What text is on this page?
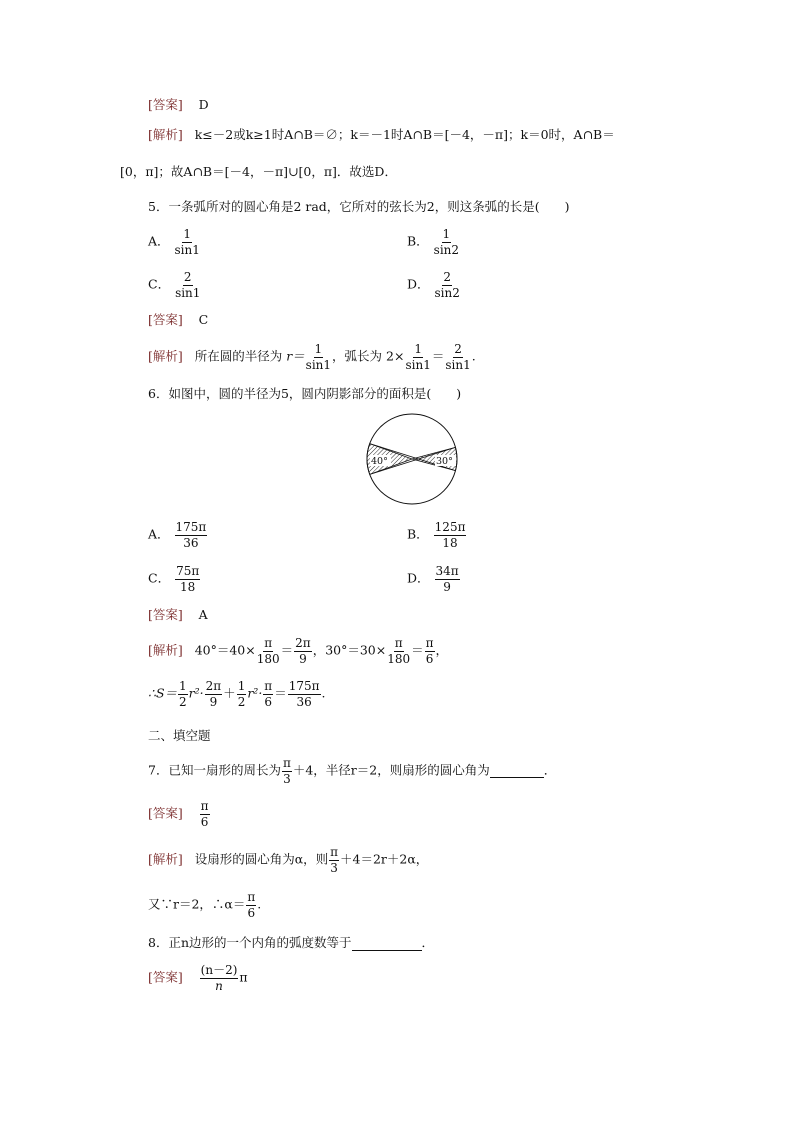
[答案] D
[解析] k≤－2或k≥1时A∩B＝∅；k＝－1时A∩B＝[－4，－π]；k＝0时，A∩B＝
[0，π]；故A∩B＝[－4，－π]∪[0，π]．故选D．
5．一条弧所对的圆心角是2 rad，它所对的弦长为2，则这条弧的长是(　　)
A． $\frac{1}{\sin 1}$	B． $\frac{1}{\sin 2}$
C． $\frac{2}{\sin 1}$	D． $\frac{2}{\sin 2}$
[答案] C
[解析] 所在圆的半径为 $r= \frac{1}{\sin 1}$ ，弧长为 $2\times \frac{1}{\sin 1} = \frac{2}{\sin 1}$ .
6．如图中，圆的半径为5，圆内阴影部分的面积是(　　)
40°	30°
A． $\frac{175\pi}{36}$	B． $\frac{125\pi}{18}$
C． $\frac{75\pi}{18}$	D． $\frac{34\pi}{9}$
[答案] A
[解析] $40^\circ=40\times \frac{\pi}{180} = \frac{2\pi}{9}$ ，$30^\circ=30\times \frac{\pi}{180} = \frac{\pi}{6}$ ，
∴S＝ $\frac{1}{2} r^2\cdot \frac{2\pi}{9} + \frac{1}{2} r^2\cdot \frac{\pi}{6} = \frac{175\pi}{36}$ .
二、填空题
7．已知一扇形的周长为 $\frac{\pi}{3} +4$，半径r＝2，则扇形的圆心角为	．
[答案] $\frac{\pi}{6}$
[解析] 设扇形的圆心角为α，则 $\frac{\pi}{3} +4=2r+2\alpha$，
又∵r＝2，∴α＝ $\frac{\pi}{6}$ .
8．正n边形的一个内角的弧度数等于	．
[答案] $\frac{(n-2)}{n}$ π
